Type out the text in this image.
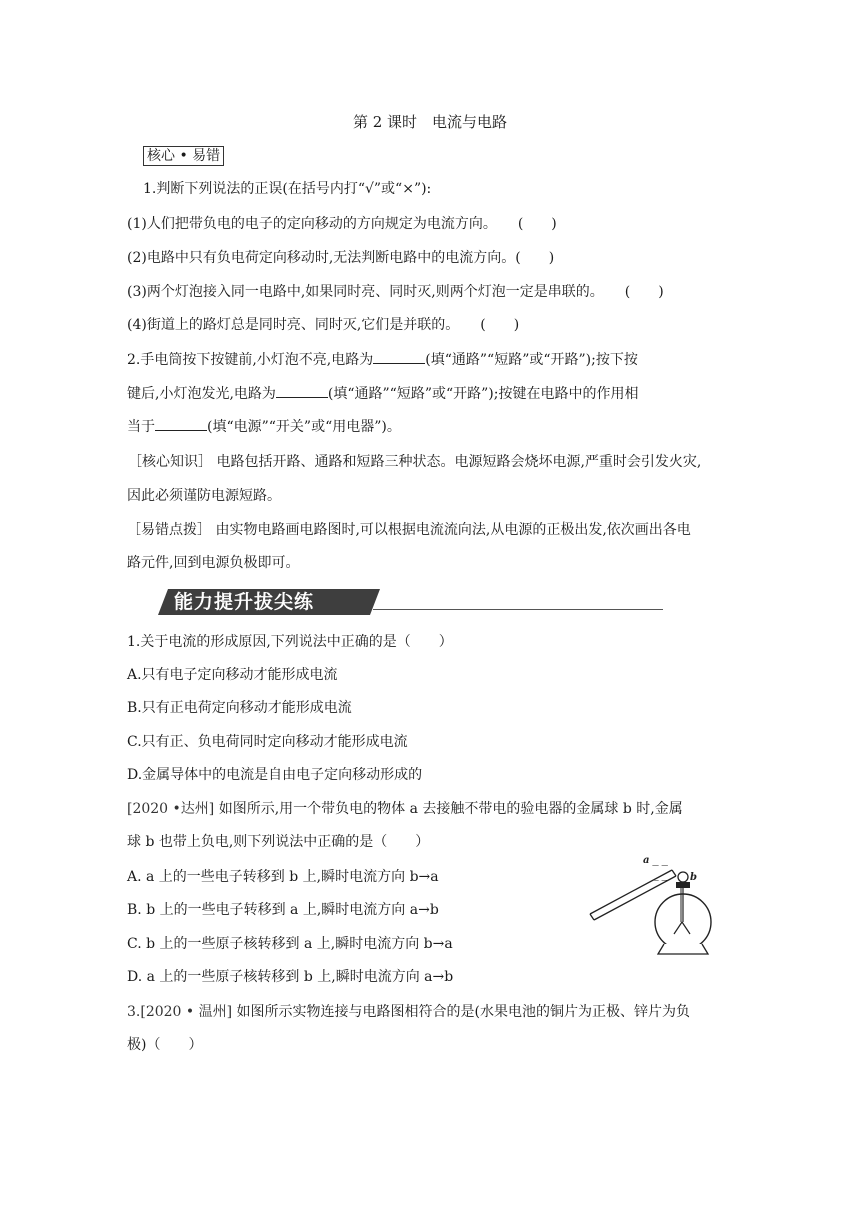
第 2 课时　电流与电路
核心 • 易错
1.判断下列说法的正误(在括号内打“√”或“×”):
(1)人们把带负电的电子的定向移动的方向规定为电流方向。　　(　　)
(2)电路中只有负电荷定向移动时,无法判断电路中的电流方向。(　　)
(3)两个灯泡接入同一电路中,如果同时亮、同时灭,则两个灯泡一定是串联的。　　(　　)
(4)街道上的路灯总是同时亮、同时灭,它们是并联的。　　(　　)
2.手电筒按下按键前,小灯泡不亮,电路为	(填“通路”“短路”或“开路”);按下按
键后,小灯泡发光,电路为	(填“通路”“短路”或“开路”);按键在电路中的作用相
当于	(填“电源”“开关”或“用电器”)。
［核心知识］ 电路包括开路、通路和短路三种状态。电源短路会烧坏电源,严重时会引发火灾,
因此必须谨防电源短路。
［易错点拨］ 由实物电路画电路图时,可以根据电流流向法,从电源的正极出发,依次画出各电
路元件,回到电源负极即可。
能力提升拔尖练
1.关于电流的形成原因,下列说法中正确的是（　　）
A.只有电子定向移动才能形成电流
B.只有正电荷定向移动才能形成电流
C.只有正、负电荷同时定向移动才能形成电流
D.金属导体中的电流是自由电子定向移动形成的
[2020 •达州] 如图所示,用一个带负电的物体 a 去接触不带电的验电器的金属球 b 时,金属
球 b 也带上负电,则下列说法中正确的是（　　）
A. a 上的一些电子转移到 b 上,瞬时电流方向 b→a
B. b 上的一些电子转移到 a 上,瞬时电流方向 a→b
C. b 上的一些原子核转移到 a 上,瞬时电流方向 b→a
D. a 上的一些原子核转移到 b 上,瞬时电流方向 a→b
— —
— —
a
b
3.[2020 • 温州] 如图所示实物连接与电路图相符合的是(水果电池的铜片为正极、锌片为负
极)（　　）
